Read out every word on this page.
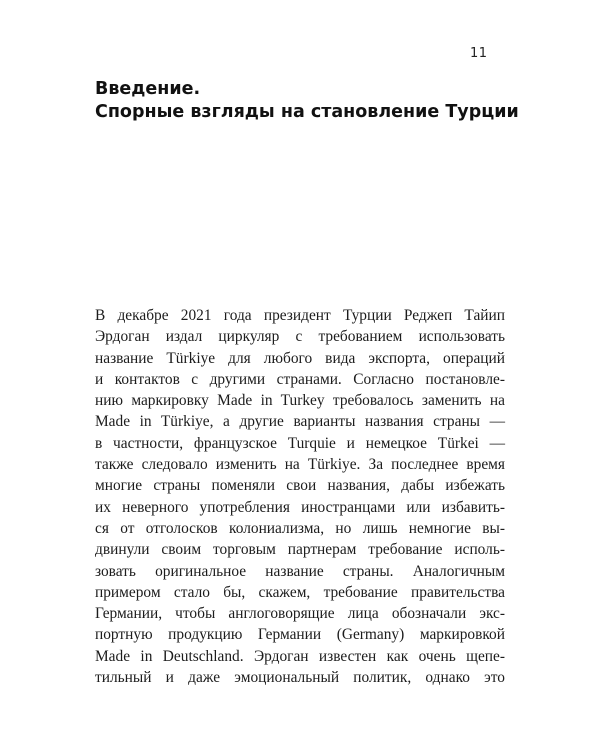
11
Введение.
Спорные взгляды на становление Турции
В декабре 2021 года президент Турции Реджеп Тайип
Эрдоган издал циркуляр с требованием использовать
название Türkiye для любого вида экспорта, операций
и контактов с другими странами. Согласно постановле-
нию маркировку Made in Turkey требовалось заменить на
Made in Türkiye, а другие варианты названия страны —
в частности, французское Turquie и немецкое Türkei —
также следовало изменить на Türkiye. За последнее время
многие страны поменяли свои названия, дабы избежать
их неверного употребления иностранцами или избавить-
ся от отголосков колониализма, но лишь немногие вы-
двинули своим торговым партнерам требование исполь-
зовать оригинальное название страны. Аналогичным
примером стало бы, скажем, требование правительства
Германии, чтобы англоговорящие лица обозначали экс-
портную продукцию Германии (Germany) маркировкой
Made in Deutschland. Эрдоган известен как очень щепе-
тильный и даже эмоциональный политик, однако это
